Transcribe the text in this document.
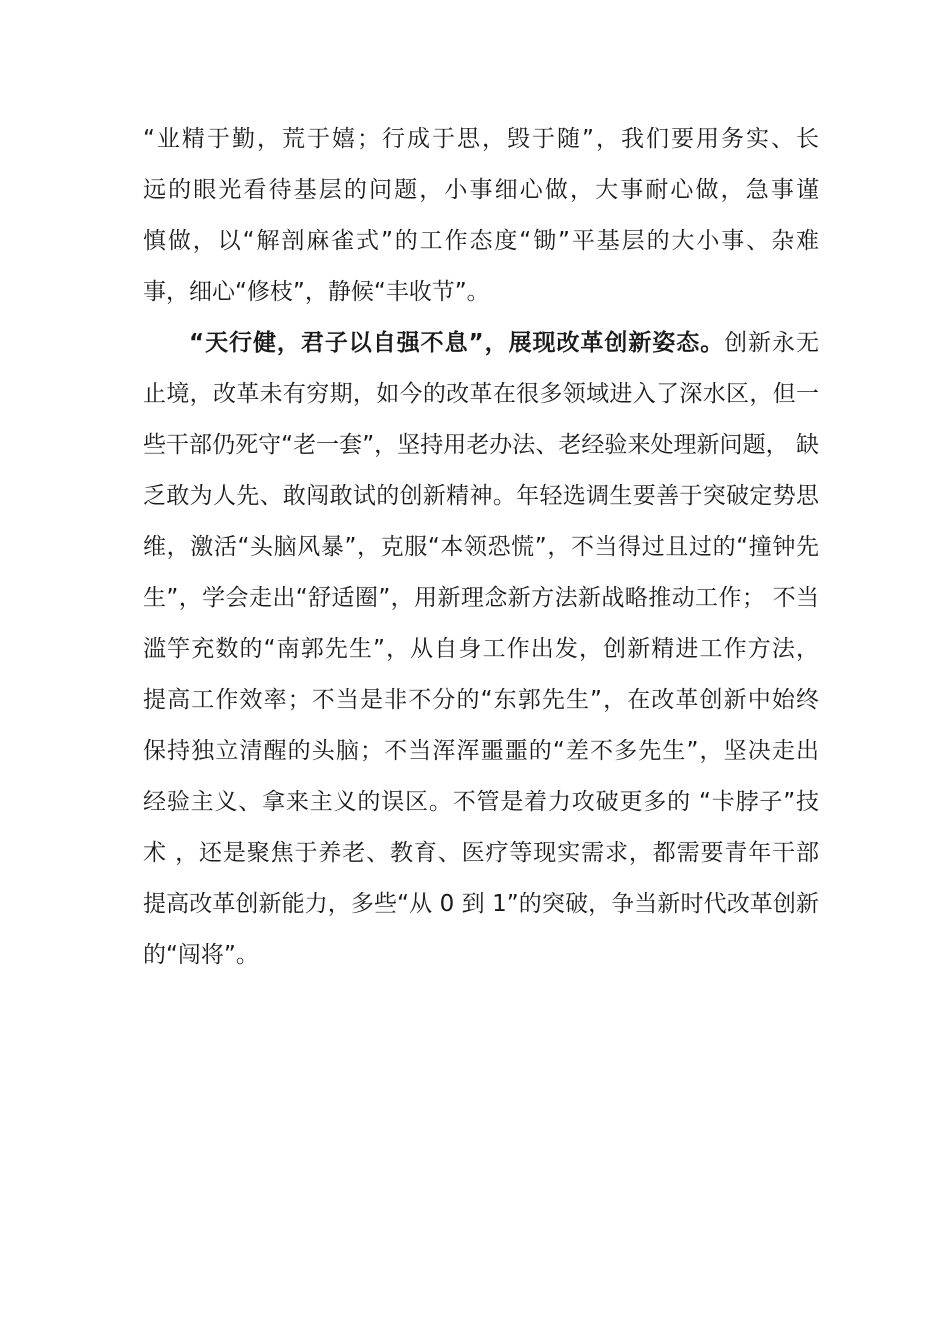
“业精于勤，荒于嬉；行成于思，毁于随”，我们要用务实、长
远的眼光看待基层的问题，小事细心做，大事耐心做，急事谨
慎做，以“解剖麻雀式”的工作态度“锄”平基层的大小事、杂难
事，细心“修枝”，静候“丰收节”。
“天行健，君子以自强不息”，展现改革创新姿态。创新永无
止境，改革未有穷期，如今的改革在很多领域进入了深水区，但一
些干部仍死守“老一套”，坚持用老办法、老经验来处理新问题， 缺
乏敢为人先、敢闯敢试的创新精神。年轻选调生要善于突破定势思
维，激活“头脑风暴”，克服“本领恐慌”，不当得过且过的“撞钟先
生”，学会走出“舒适圈”，用新理念新方法新战略推动工作； 不当
滥竽充数的“南郭先生”，从自身工作出发，创新精进工作方法，
提高工作效率；不当是非不分的“东郭先生”，在改革创新中始终
保持独立清醒的头脑；不当浑浑噩噩的“差不多先生”，坚决走出
经验主义、拿来主义的误区。不管是着力攻破更多的 “卡脖子”技
术 ，还是聚焦于养老、教育、医疗等现实需求，都需要青年干部
提高改革创新能力，多些“从 0 到 1”的突破，争当新时代改革创新
的“闯将”。
